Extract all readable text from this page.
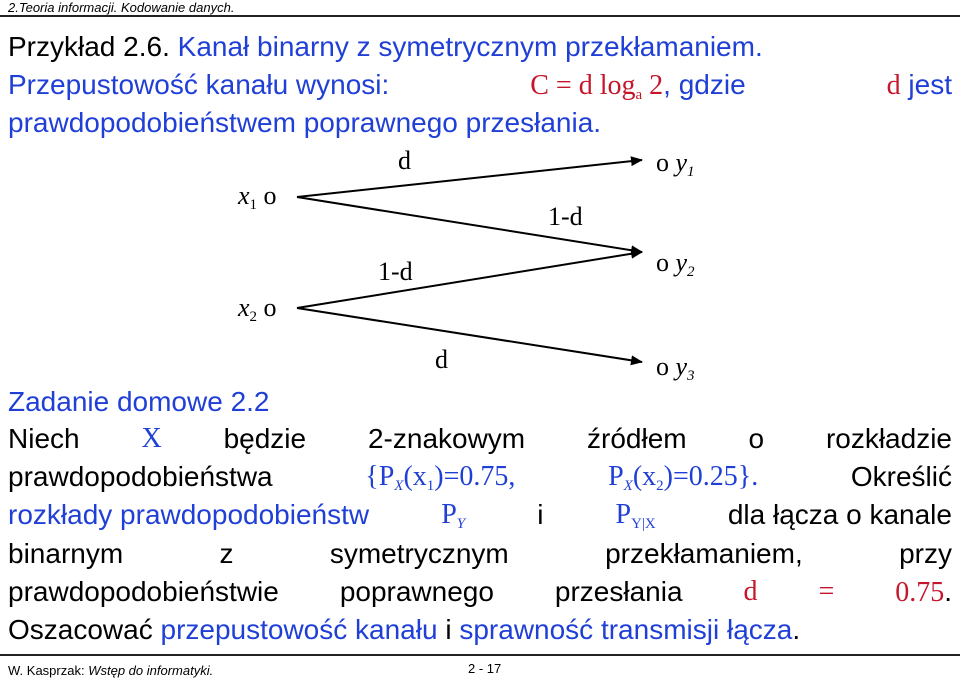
2.Teoria informacji. Kodowanie danych.
Przykład 2.6. Kanał binarny z symetrycznym przekłamaniem.
Przepustowość kanału wynosi:	C = d $\log_a 2$, gdzie	d jest
prawdopodobieństwem poprawnego przesłania.
$x_1$ o
$x_2$ o
o $y_1$
o $y_2$
o $y_3$
d
1-d
1-d
d
Zadanie domowe 2.2
Niech X będzie 2-znakowym źródłem o rozkładzie
prawdopodobieństwa	{$P_X(x_1)=0.75$,	$P_X(x_2)=0.25$}.	Określić
rozkłady prawdopodobieństw	$P_Y$	i	$P_{Y|X}$	dla łącza o kanale
binarnym	z	symetrycznym	przekłamaniem,	przy
prawdopodobieństwie poprawnego przesłania d = 0.75.
Oszacować przepustowość kanału i sprawność transmisji łącza.
W. Kasprzak: Wstęp do informatyki.	2 - 17
